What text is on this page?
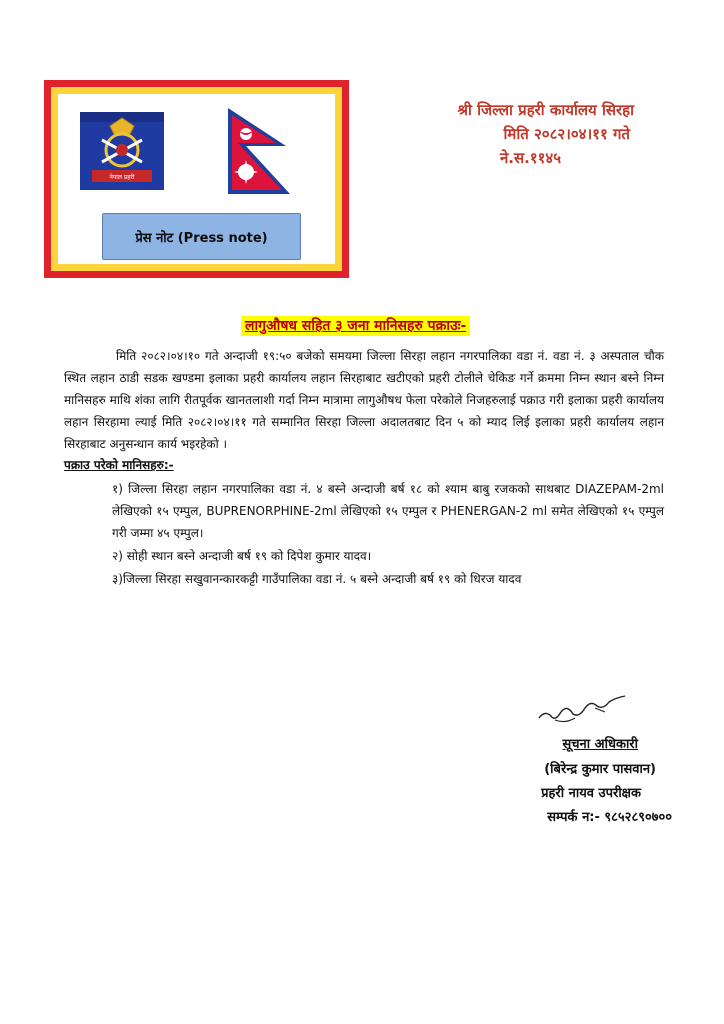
नेपाल प्रहरी
प्रेस नोट (Press note)
श्री जिल्ला प्रहरी कार्यालय सिरहा
मिति २०८२।०४।११ गते
ने.स.११४५
लागुऔषध सहित ३ जना मानिसहरु पक्राउः-
मिति २०८२।०४।१० गते अन्दाजी १९:५० बजेको समयमा जिल्ला सिरहा लहान नगरपालिका वडा नं. वडा नं. ३ अस्पताल चौक स्थित लहान ठाडी सडक खण्डमा इलाका प्रहरी कार्यालय लहान सिरहाबाट खटीएको प्रहरी टोलीले चेकिङ गर्ने क्रममा निम्न स्थान बस्ने निम्न मानिसहरु माथि शंका लागि रीतपूर्वक खानतलाशी गर्दा निम्न मात्रामा लागुऔषध फेला परेकोले निजहरुलाई पक्राउ गरी इलाका प्रहरी कार्यालय लहान सिरहामा ल्याई मिति २०८२।०४।११ गते सम्मानित सिरहा जिल्ला अदालतबाट दिन ५ को म्याद लिई इलाका प्रहरी कार्यालय लहान सिरहाबाट अनुसन्धान कार्य भइरहेको ।
पक्राउ परेको मानिसहरु:-
१) जिल्ला सिरहा लहान नगरपालिका वडा नं. ४ बस्ने अन्दाजी बर्ष १८ को श्याम बाबु रजकको साथबाट DIAZEPAM-2ml लेखिएको १५ एम्पुल, BUPRENORPHINE-2ml लेखिएको १५ एम्पुल र PHENERGAN-2 ml समेत लेखिएको १५ एम्पुल गरी जम्मा ४५ एम्पुल।
२) सोही स्थान बस्ने अन्दाजी बर्ष १९ को दिपेश कुमार यादव।
३)जिल्ला सिरहा सखुवानन्कारकट्टी गाउँपालिका वडा नं. ५ बस्ने अन्दाजी बर्ष १९ को धिरज यादव
सूचना अधिकारी
(बिरेन्द्र कुमार पासवान)
प्रहरी नायव उपरीक्षक
सम्पर्क न:- ९८५२८९०७००
